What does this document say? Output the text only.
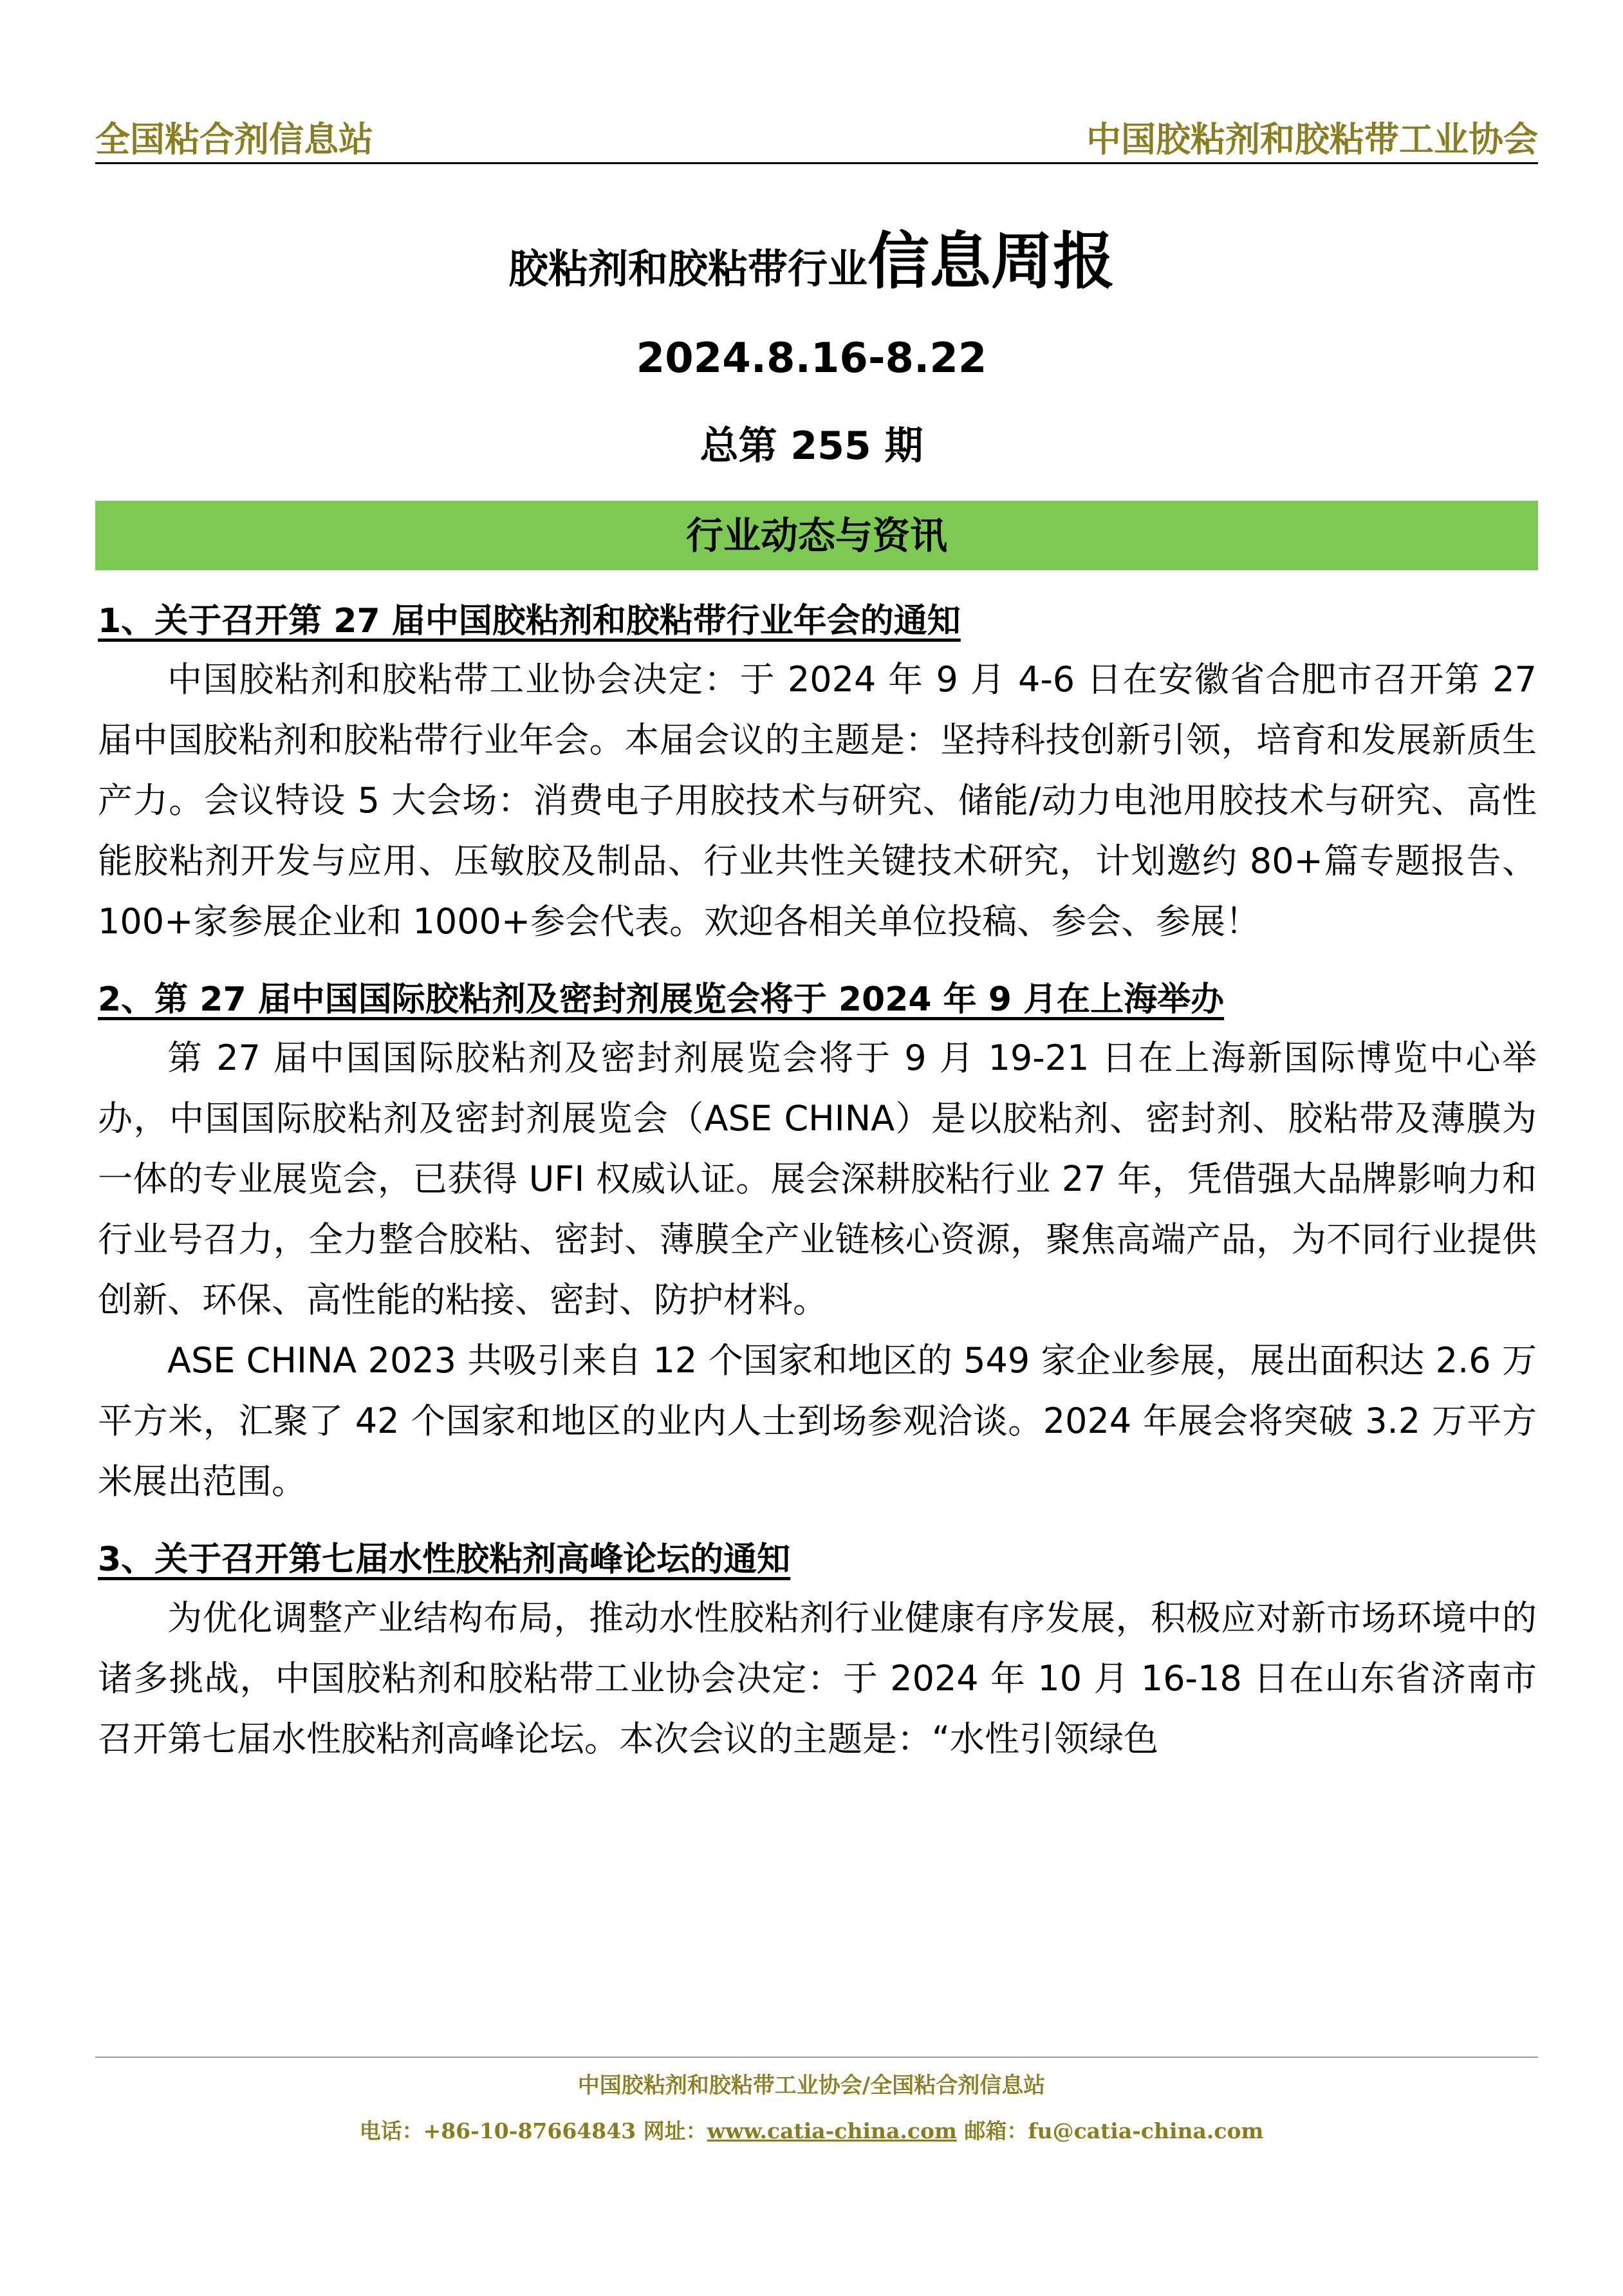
全国粘合剂信息站	中国胶粘剂和胶粘带工业协会
胶粘剂和胶粘带行业信息周报
2024.8.16-8.22
总第 255 期
行业动态与资讯
1、关于召开第 27 届中国胶粘剂和胶粘带行业年会的通知

中国胶粘剂和胶粘带工业协会决定：于 2024 年 9 月 4-6 日在安徽省合肥市召开第 27 届中国胶粘剂和胶粘带行业年会。本届会议的主题是：坚持科技创新引领，培育和发展新质生产力。会议特设 5 大会场：消费电子用胶技术与研究、储能/动力电池用胶技术与研究、高性能胶粘剂开发与应用、压敏胶及制品、行业共性关键技术研究，计划邀约 80+篇专题报告、100+家参展企业和 1000+参会代表。欢迎各相关单位投稿、参会、参展！

2、第 27 届中国国际胶粘剂及密封剂展览会将于 2024 年 9 月在上海举办

第 27 届中国国际胶粘剂及密封剂展览会将于 9 月 19-21 日在上海新国际博览中心举办，中国国际胶粘剂及密封剂展览会（ASE CHINA）是以胶粘剂、密封剂、胶粘带及薄膜为一体的专业展览会，已获得 UFI 权威认证。展会深耕胶粘行业 27 年，凭借强大品牌影响力和行业号召力，全力整合胶粘、密封、薄膜全产业链核心资源，聚焦高端产品，为不同行业提供创新、环保、高性能的粘接、密封、防护材料。

ASE CHINA 2023 共吸引来自 12 个国家和地区的 549 家企业参展，展出面积达 2.6 万平方米，汇聚了 42 个国家和地区的业内人士到场参观洽谈。2024 年展会将突破 3.2 万平方米展出范围。

3、关于召开第七届水性胶粘剂高峰论坛的通知

为优化调整产业结构布局，推动水性胶粘剂行业健康有序发展，积极应对新市场环境中的诸多挑战，中国胶粘剂和胶粘带工业协会决定：于 2024 年 10 月 16-18 日在山东省济南市召开第七届水性胶粘剂高峰论坛。本次会议的主题是：“水性引领绿色

中国胶粘剂和胶粘带工业协会/全国粘合剂信息站
电话：+86-10-87664843 网址：www.catia-china.com 邮箱：fu@catia-china.com
